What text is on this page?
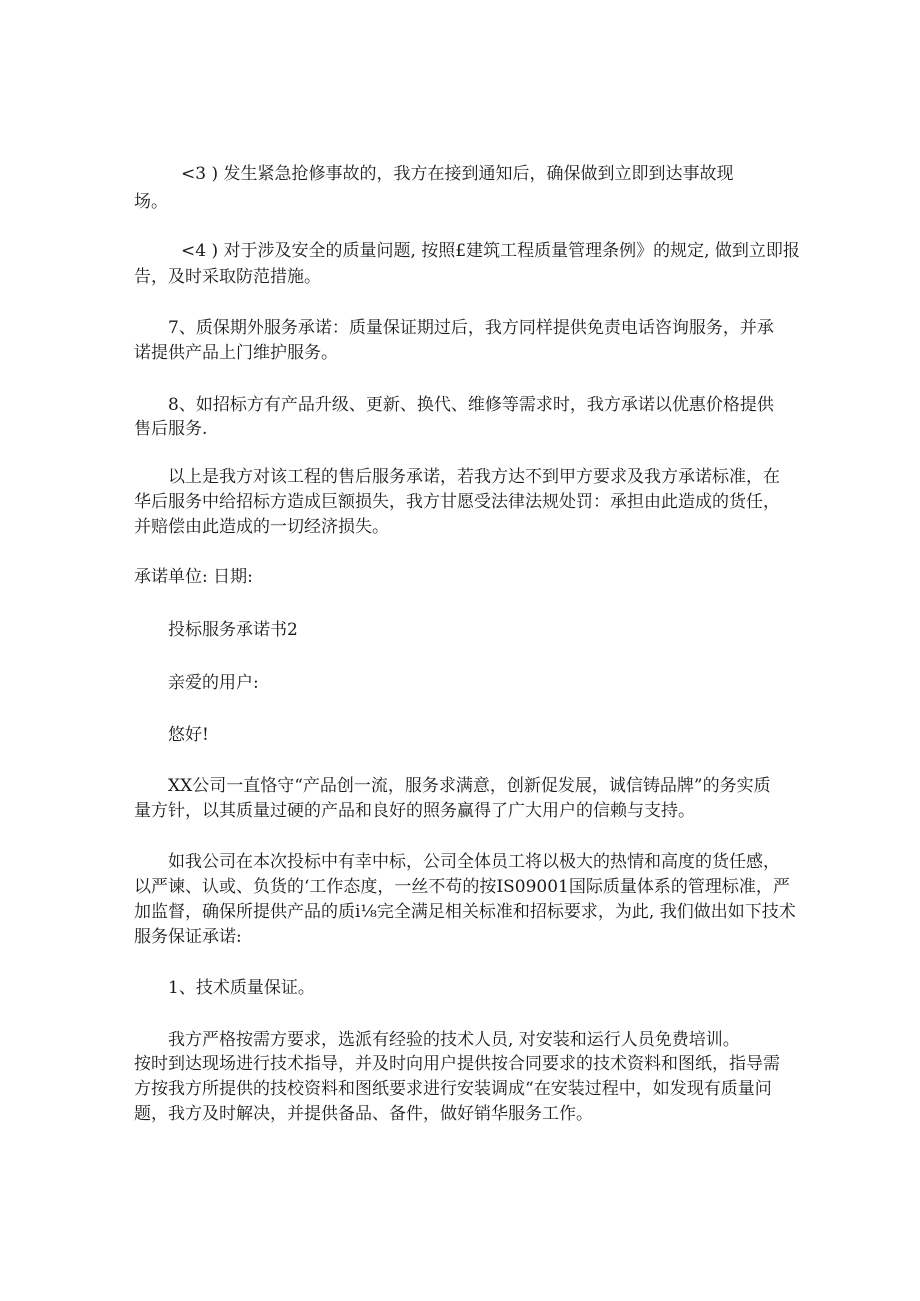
<3 ) 发生紧急抢修事故的，我方在接到通知后，确保做到立即到达事故现
场。
<4 ) 对于涉及安全的质量问题, 按照£建筑工程质量管理条例》的规定, 做到立即报
告，及时采取防范措施。
7、质保期外服务承诺：质量保证期过后，我方同样提供免责电话咨询服务，并承
诺提供产品上门维护服务。
8、如招标方有产品升级、更新、换代、维修等需求时，我方承诺以优惠价格提供
售后服务.
以上是我方对该工程的售后服务承诺，若我方达不到甲方要求及我方承诺标准，在
华后服务中给招标方造成巨额损失，我方甘愿受法律法规处罚：承担由此造成的货任，
并赔偿由此造成的一切经济损失。
承诺单位: 日期:
投标服务承诺书2
亲爱的用户:
悠好!
XX公司一直恪守“产品创一流，服务求满意，创新促发展，诚信铸品牌”的务实质
量方针，以其质量过硬的产品和良好的照务赢得了广大用户的信赖与支持。
如我公司在本次投标中有幸中标，公司全体员工将以极大的热情和高度的货任感，
以严谏、认或、负货的‘工作态度，一丝不苟的按IS09001国际质量体系的管理标准，严
加监督，确保所提供产品的质i⅛完全满足相关标准和招标要求，为此, 我们做出如下技术
服务保证承诺:
1、技术质量保证。
我方严格按需方要求，选派有经验的技术人员, 对安装和运行人员免费培训。
按时到达现场进行技术指导，并及时向用户提供按合同要求的技术资料和图纸，指导需
方按我方所提供的技校资料和图纸要求进行安装调成“在安装过程中，如发现有质量问
题，我方及时解决，并提供备品、备件，做好销华服务工作。
